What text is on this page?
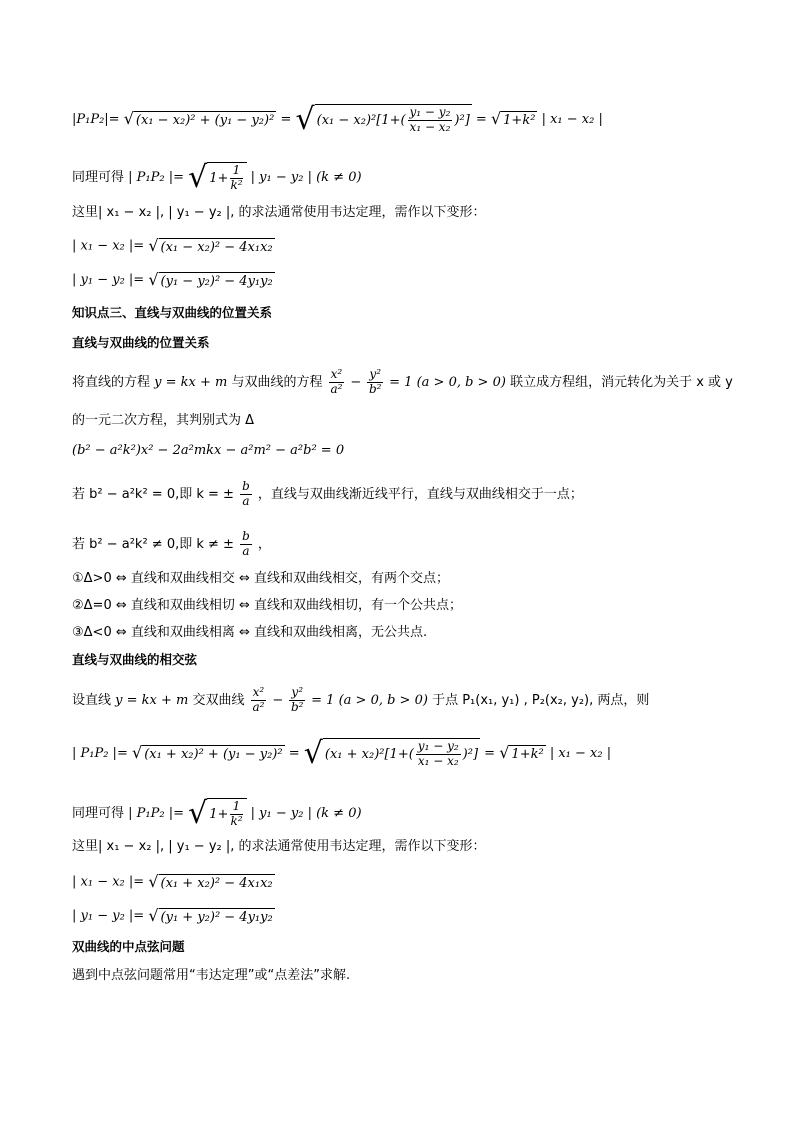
|P₁P₂|= √ (x₁ − x₂)² + (y₁ − y₂)² = √ $(x_1 - x_2)^2[1+( \frac{\text{y₁ − y₂}}{\text{x₁ − x₂}} )^2]$ = √ 1+k² | x₁ − x₂ |
同理可得 | P₁P₂ |= √ $1+ \frac{1}{\text{k²}}$ | y₁ − y₂ | (k ≠ 0)
这里| x₁ − x₂ |, | y₁ − y₂ |, 的求法通常使用韦达定理，需作以下变形：
| x₁ − x₂ |= √ (x₁ − x₂)² − 4x₁x₂
| y₁ − y₂ |= √ (y₁ − y₂)² − 4y₁y₂
知识点三、直线与双曲线的位置关系
直线与双曲线的位置关系
将直线的方程 y = kx + m 与双曲线的方程 $\frac{\text{x²}}{\text{a²}} - \frac{\text{y²}}{\text{b²}} = 1$ (a > 0, b > 0) 联立成方程组，消元转化为关于 x 或 y
的一元二次方程，其判别式为 Δ
(b² − a²k²)x² − 2a²mkx − a²m² − a²b² = 0
若 b² − a²k² = 0,即 k = ± $\frac{b}{a}$ ，直线与双曲线渐近线平行，直线与双曲线相交于一点；
若 b² − a²k² ≠ 0,即 k ≠ ± $\frac{b}{a}$ ，
①Δ>0 ⇔ 直线和双曲线相交 ⇔ 直线和双曲线相交，有两个交点；
②Δ=0 ⇔ 直线和双曲线相切 ⇔ 直线和双曲线相切，有一个公共点；
③Δ<0 ⇔ 直线和双曲线相离 ⇔ 直线和双曲线相离，无公共点.
直线与双曲线的相交弦
设直线 y = kx + m 交双曲线 $\frac{\text{x²}}{\text{a²}} - \frac{\text{y²}}{\text{b²}} = 1$ (a > 0, b > 0) 于点 P₁(x₁, y₁) , P₂(x₂, y₂), 两点，则
| P₁P₂ |= √ (x₁ + x₂)² + (y₁ − y₂)² = √ $(x_1 + x_2)^2[1+( \frac{\text{y₁ − y₂}}{\text{x₁ − x₂}} )^2]$ = √ 1+k² | x₁ − x₂ |
同理可得 | P₁P₂ |= √ $1+ \frac{1}{\text{k²}}$ | y₁ − y₂ | (k ≠ 0)
这里| x₁ − x₂ |, | y₁ − y₂ |, 的求法通常使用韦达定理，需作以下变形：
| x₁ − x₂ |= √ (x₁ + x₂)² − 4x₁x₂
| y₁ − y₂ |= √ (y₁ + y₂)² − 4y₁y₂
双曲线的中点弦问题
遇到中点弦问题常用“韦达定理”或“点差法”求解.
